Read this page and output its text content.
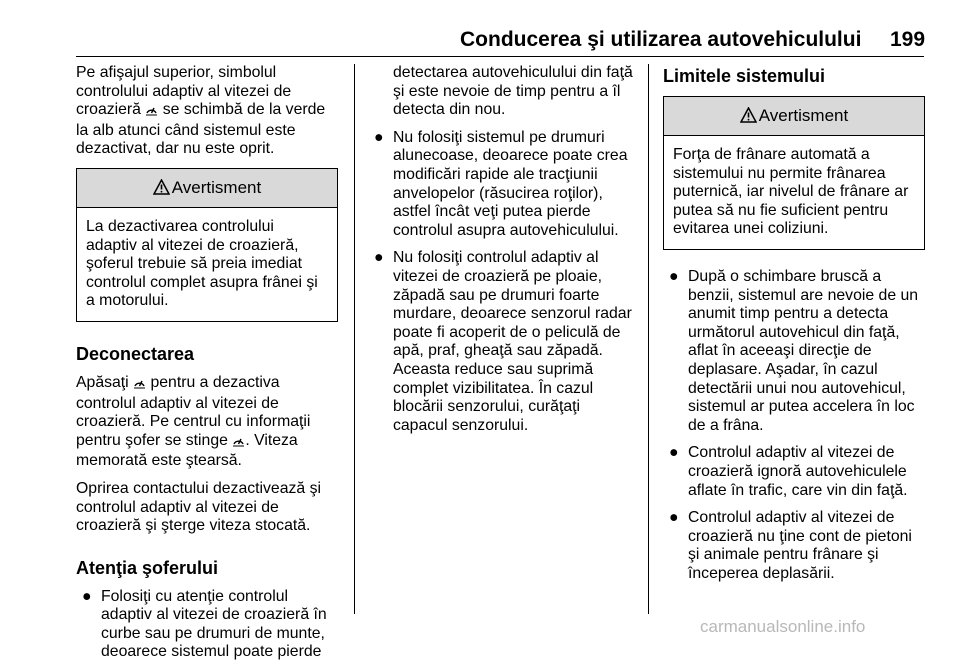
Conducerea şi utilizarea autovehiculului 199

Pe afişajul superior, simbolul controlului adaptiv al vitezei de croazieră  se schimbă de la verde la alb atunci când sistemul este dezactivat, dar nu este oprit.

Avertisment
La dezactivarea controlului adaptiv al vitezei de croazieră, şoferul trebuie să preia imediat controlul complet asupra frânei şi a motorului.
Deconectarea

Apăsaţi  pentru a dezactiva controlul adaptiv al vitezei de croazieră. Pe centrul cu informaţii pentru şofer se stinge . Viteza memorată este ştearsă.

Oprirea contactului dezactivează şi controlul adaptiv al vitezei de croazieră şi şterge viteza stocată.

Atenţia şoferului
● Folosiţi cu atenţie controlul adaptiv al vitezei de croazieră în curbe sau pe drumuri de munte, deoarece sistemul poate pierde
detectarea autovehiculului din faţă şi este nevoie de timp pentru a îl detecta din nou.
● Nu folosiţi sistemul pe drumuri alunecoase, deoarece poate crea modificări rapide ale tracţiunii anvelopelor (răsucirea roţilor), astfel încât veţi putea pierde controlul asupra autovehiculului.
● Nu folosiţi controlul adaptiv al vitezei de croazieră pe ploaie, zăpadă sau pe drumuri foarte murdare, deoarece senzorul radar poate fi acoperit de o peliculă de apă, praf, gheaţă sau zăpadă. Aceasta reduce sau suprimă complet vizibilitatea. În cazul blocării senzorului, curăţaţi capacul senzorului.
Limitele sistemului
Avertisment
Forţa de frânare automată a sistemului nu permite frânarea puternică, iar nivelul de frânare ar putea să nu fie suficient pentru evitarea unei coliziuni.
● După o schimbare bruscă a benzii, sistemul are nevoie de un anumit timp pentru a detecta următorul autovehicul din faţă, aflat în aceeaşi direcţie de deplasare. Aşadar, în cazul detectării unui nou autovehicul, sistemul ar putea accelera în loc de a frâna.
● Controlul adaptiv al vitezei de croazieră ignoră autovehiculele aflate în trafic, care vin din faţă.
● Controlul adaptiv al vitezei de croazieră nu ţine cont de pietoni şi animale pentru frânare şi începerea deplasării.
carmanualsonline.info
